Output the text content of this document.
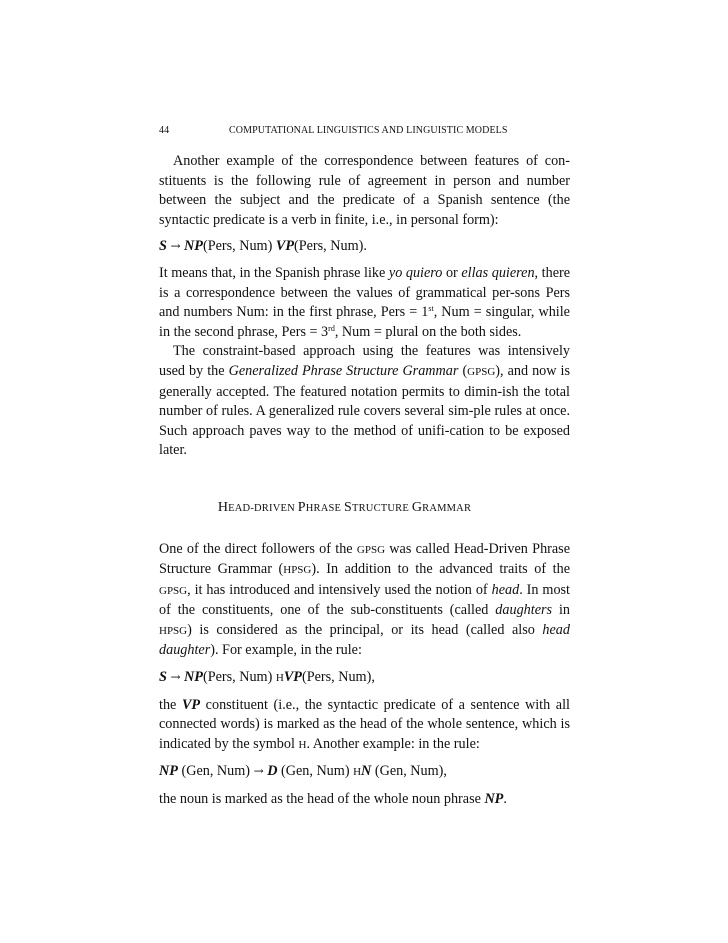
44	COMPUTATIONAL LINGUISTICS AND LINGUISTIC MODELS

Another example of the correspondence between features of con-stituents is the following rule of agreement in person and number between the subject and the predicate of a Spanish sentence (the syntactic predicate is a verb in finite, i.e., in personal form):

S → NP(Pers, Num) VP(Pers, Num).

It means that, in the Spanish phrase like yo quiero or ellas quieren, there is a correspondence between the values of grammatical per-sons Pers and numbers Num: in the first phrase, Pers = 1st, Num = singular, while in the second phrase, Pers = 3rd, Num = plural on the both sides.

The constraint-based approach using the features was intensively used by the Generalized Phrase Structure Grammar (GPSG), and now is generally accepted. The featured notation permits to dimin-ish the total number of rules. A generalized rule covers several sim-ple rules at once. Such approach paves way to the method of unifi-cation to be exposed later.

HEAD-DRIVEN PHRASE STRUCTURE GRAMMAR

One of the direct followers of the GPSG was called Head-Driven Phrase Structure Grammar (HPSG). In addition to the advanced traits of the GPSG, it has introduced and intensively used the notion of head. In most of the constituents, one of the sub-constituents (called daughters in HPSG) is considered as the principal, or its head (called also head daughter). For example, in the rule:

S → NP(Pers, Num) HVP(Pers, Num),

the VP constituent (i.e., the syntactic predicate of a sentence with all connected words) is marked as the head of the whole sentence, which is indicated by the symbol H. Another example: in the rule:

NP (Gen, Num) → D (Gen, Num) HN (Gen, Num),

the noun is marked as the head of the whole noun phrase NP.
